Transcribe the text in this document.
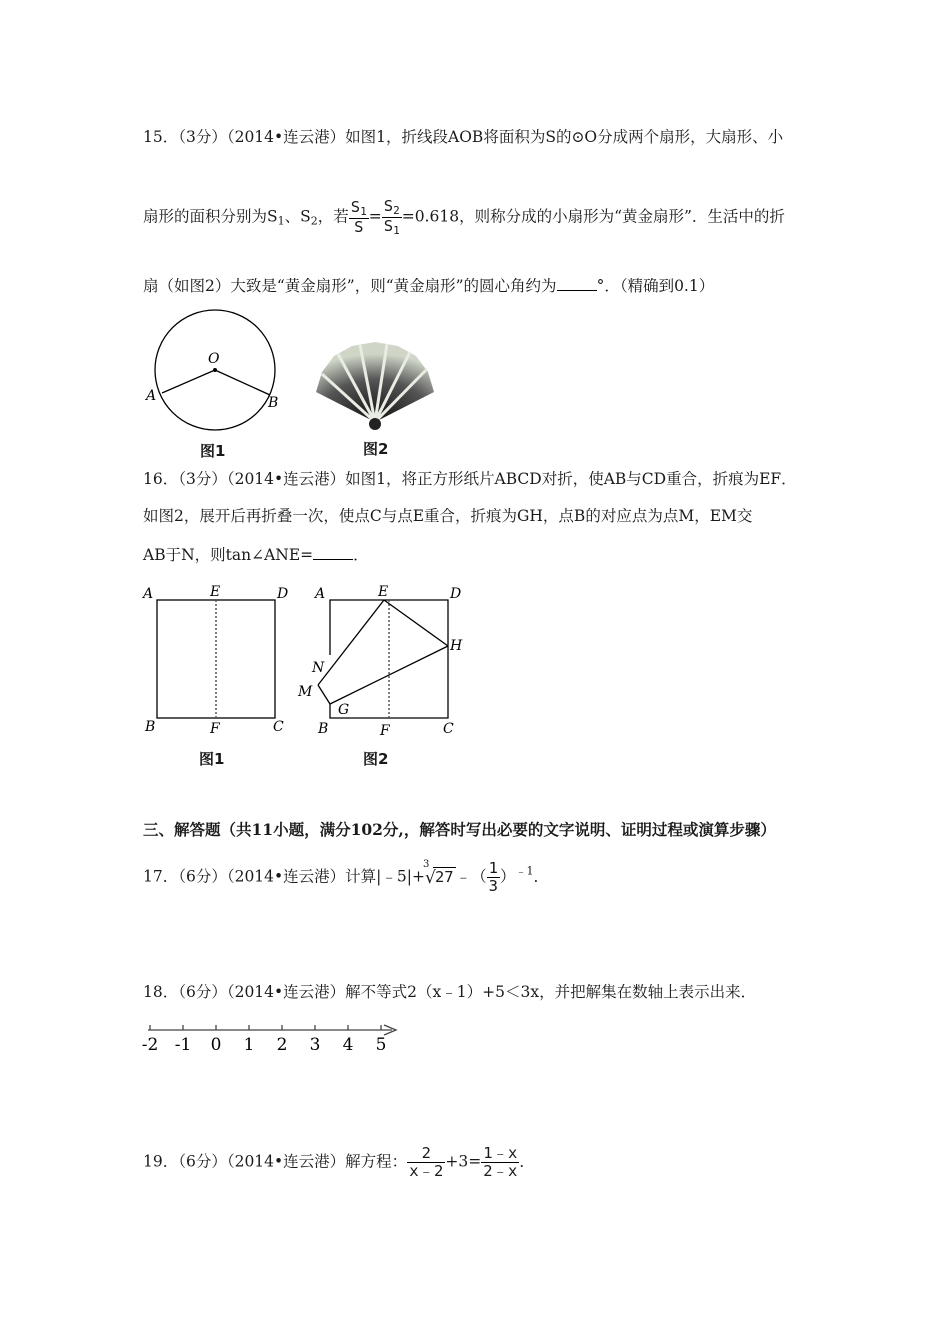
15．（3分）（2014•连云港）如图1，折线段AOB将面积为S的⊙O分成两个扇形，大扇形、小
扇形的面积分别为$S_1$、$S_2$，若 $\frac{S_1}{S} = \frac{S_2}{S_1} =0.618$，则称分成的小扇形为“黄金扇形”．生活中的折
扇（如图2）大致是“黄金扇形”，则“黄金扇形”的圆心角约为	°．（精确到0.1）
O
A	B
图1	图2
16．（3分）（2014•连云港）如图1，将正方形纸片ABCD对折，使AB与CD重合，折痕为EF．
如图2，展开后再折叠一次，使点C与点E重合，折痕为GH，点B的对应点为点M，EM交
AB于N，则tan∠ANE=	．
A	E	D
B	F	C
图1
A	E	D
H
N
M
G
B	F	C
图2
三、解答题（共11小题，满分102分,，解答时写出必要的文字说明、证明过程或演算步骤）
17．（6分）（2014•连云港）计算|﹣5|+
3
√ 27 ﹣（ $\frac{1}{3} )^{﹣1}$．
18．（6分）（2014•连云港）解不等式2（x﹣1）+5＜3x，并把解集在数轴上表示出来．
-2 -1 0 1 2 3 4 5
19．（6分）（2014•连云港）解方程： $\frac{2}{x﹣2} +3= \frac{1﹣x}{2﹣x}$ ．
